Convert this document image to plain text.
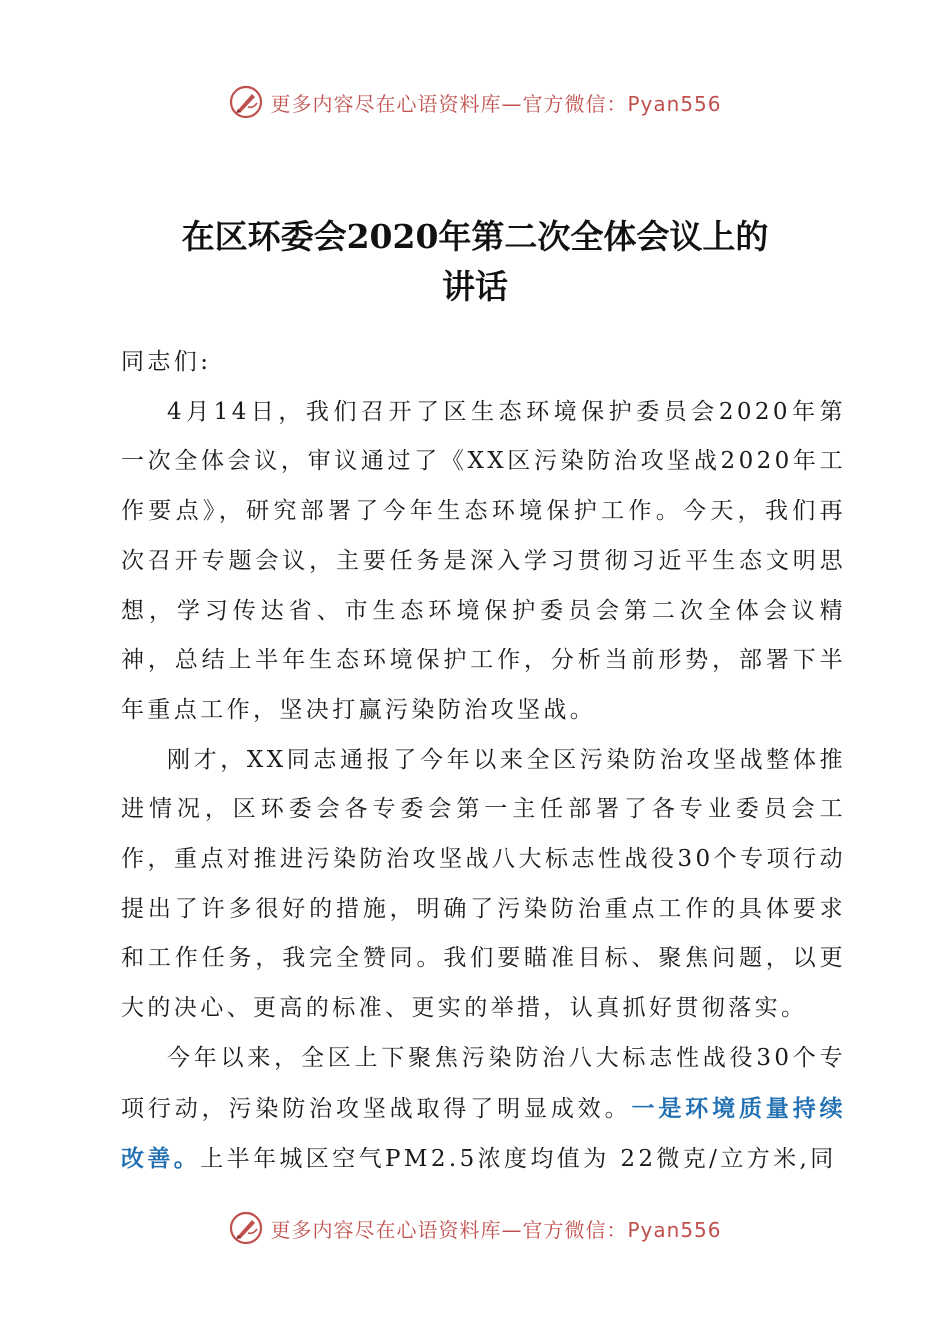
更多内容尽在心语资料库—官方微信：Pyan556
在区环委会2020年第二次全体会议上的
讲话

同志们:

4月14日，我们召开了区生态环境保护委员会2020年第一次全体会议，审议通过了《XX区污染防治攻坚战2020年工作要点》，研究部署了今年生态环境保护工作。今天，我们再次召开专题会议，主要任务是深入学习贯彻习近平生态文明思想，学习传达省、市生态环境保护委员会第二次全体会议精神，总结上半年生态环境保护工作，分析当前形势，部署下半年重点工作，坚决打赢污染防治攻坚战。

刚才，XX同志通报了今年以来全区污染防治攻坚战整体推进情况，区环委会各专委会第一主任部署了各专业委员会工作，重点对推进污染防治攻坚战八大标志性战役30个专项行动提出了许多很好的措施，明确了污染防治重点工作的具体要求和工作任务，我完全赞同。我们要瞄准目标、聚焦问题，以更大的决心、更高的标准、更实的举措，认真抓好贯彻落实。

今年以来，全区上下聚焦污染防治八大标志性战役30个专项行动，污染防治攻坚战取得了明显成效。一是环境质量持续改善。上半年城区空气PM2.5浓度均值为 22微克/立方米,同

更多内容尽在心语资料库—官方微信：Pyan556
